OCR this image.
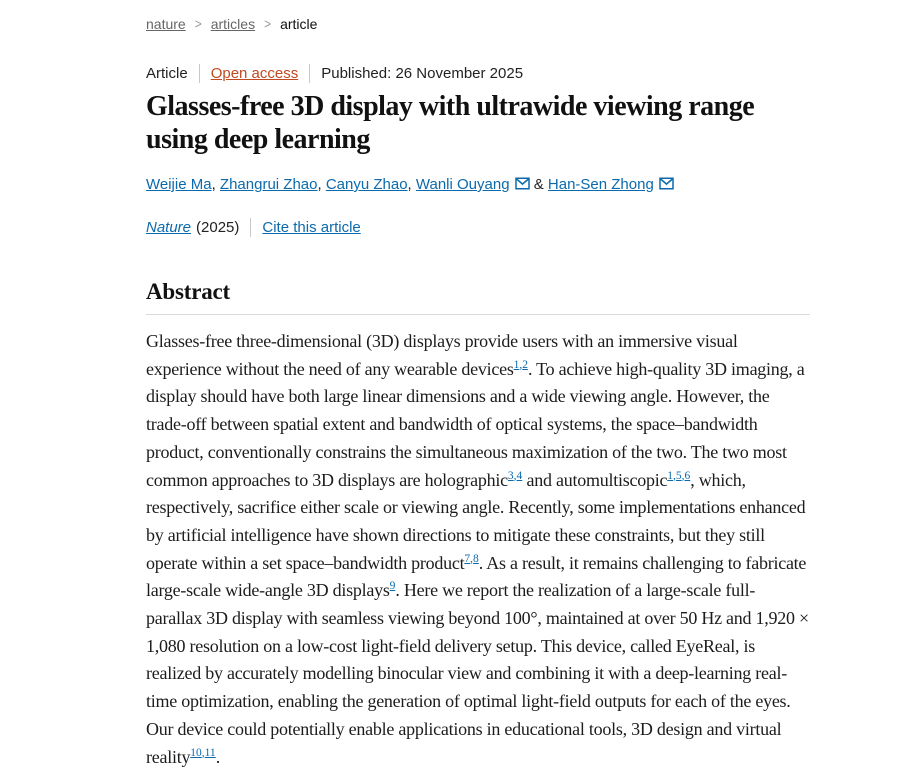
nature > articles > article
Article Open access Published: 26 November 2025
Glasses-free 3D display with ultrawide viewing range
using deep learning
Weijie Ma, Zhangrui Zhao, Canyu Zhao, Wanli Ouyang & Han-Sen Zhong
Nature (2025) Cite this article
Abstract

Glasses-free three-dimensional (3D) displays provide users with an immersive visual experience without the need of any wearable devices$^{1,2}$. To achieve high-quality 3D imaging, a display should have both large linear dimensions and a wide viewing angle. However, the trade-off between spatial extent and bandwidth of optical systems, the space–bandwidth product, conventionally constrains the simultaneous maximization of the two. The two most common approaches to 3D displays are holographic$^{3,4}$ and automultiscopic$^{1,5,6}$, which, respectively, sacrifice either scale or viewing angle. Recently, some implementations enhanced by artificial intelligence have shown directions to mitigate these constraints, but they still operate within a set space–bandwidth product$^{7,8}$. As a result, it remains challenging to fabricate large-scale wide-angle 3D displays$^9$. Here we report the realization of a large-scale full-parallax 3D display with seamless viewing beyond 100°, maintained at over 50 Hz and 1,920 × 1,080 resolution on a low-cost light-field delivery setup. This device, called EyeReal, is realized by accurately modelling binocular view and combining it with a deep-learning real-time optimization, enabling the generation of optimal light-field outputs for each of the eyes. Our device could potentially enable applications in educational tools, 3D design and virtual reality$^{10,11}$.
